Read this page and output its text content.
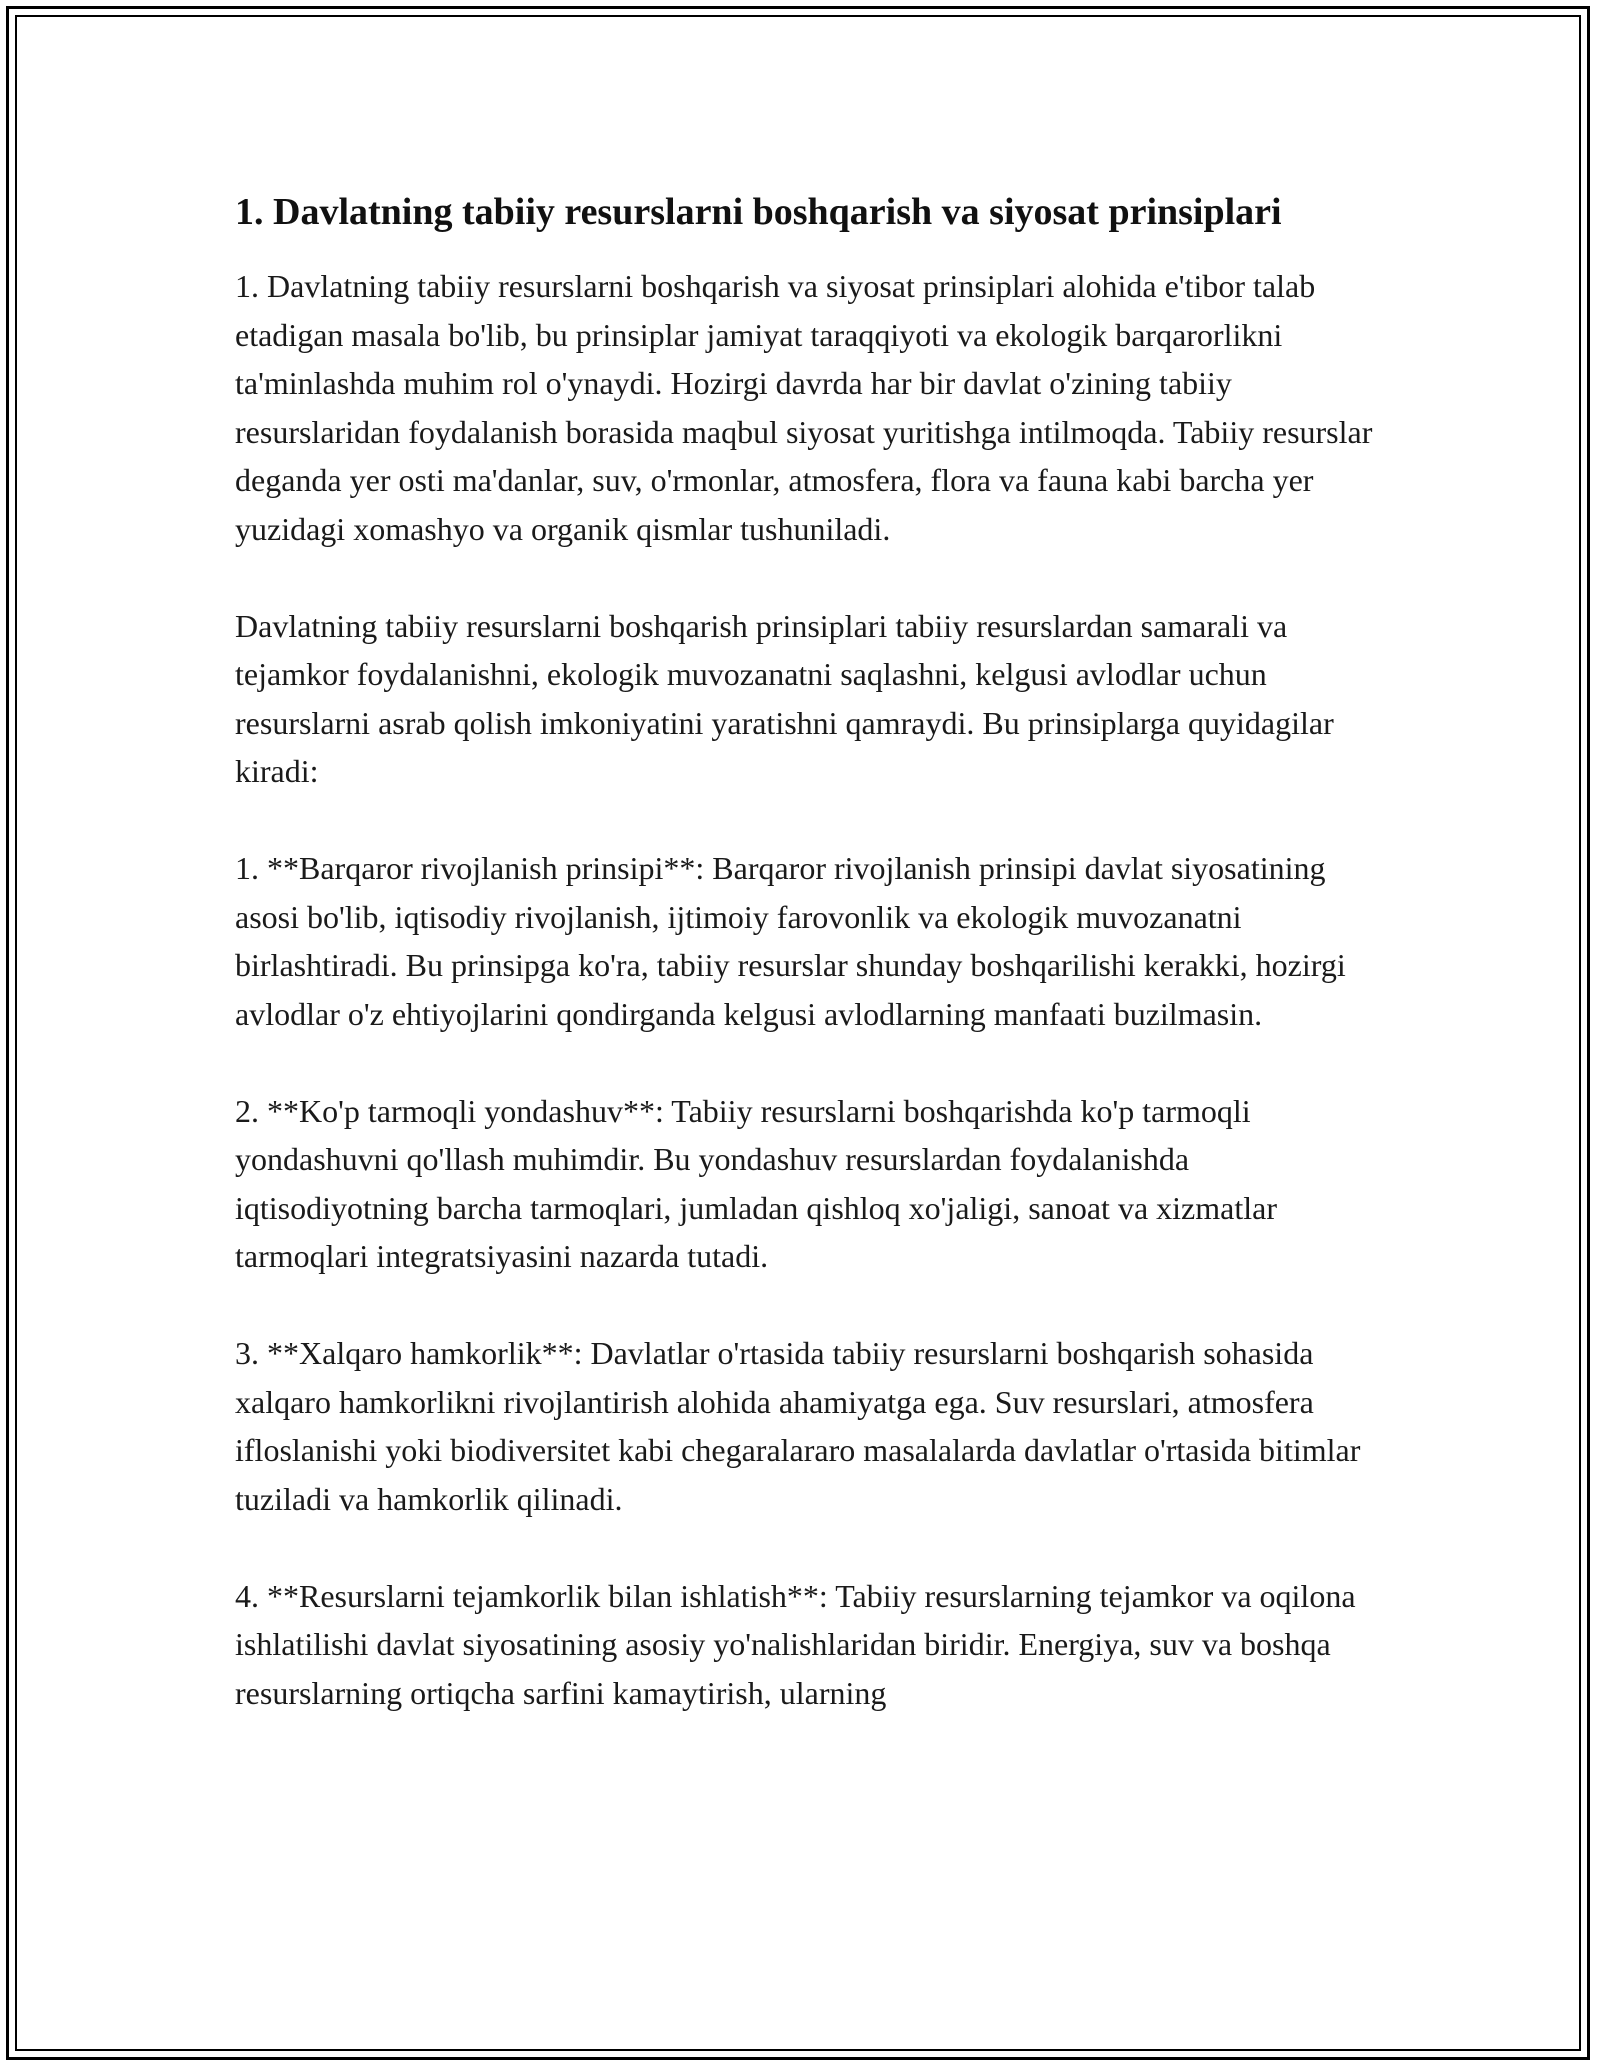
1. Davlatning tabiiy resurslarni boshqarish va siyosat prinsiplari

1. Davlatning tabiiy resurslarni boshqarish va siyosat prinsiplari alohida e'tibor talab etadigan masala bo'lib, bu prinsiplar jamiyat taraqqiyoti va ekologik barqarorlikni ta'minlashda muhim rol o'ynaydi. Hozirgi davrda har bir davlat o'zining tabiiy resurslaridan foydalanish borasida maqbul siyosat yuritishga intilmoqda. Tabiiy resurslar deganda yer osti ma'danlar, suv, o'rmonlar, atmosfera, flora va fauna kabi barcha yer yuzidagi xomashyo va organik qismlar tushuniladi.

Davlatning tabiiy resurslarni boshqarish prinsiplari tabiiy resurslardan samarali va tejamkor foydalanishni, ekologik muvozanatni saqlashni, kelgusi avlodlar uchun resurslarni asrab qolish imkoniyatini yaratishni qamraydi. Bu prinsiplarga quyidagilar kiradi:

1. **Barqaror rivojlanish prinsipi**: Barqaror rivojlanish prinsipi davlat siyosatining asosi bo'lib, iqtisodiy rivojlanish, ijtimoiy farovonlik va ekologik muvozanatni birlashtiradi. Bu prinsipga ko'ra, tabiiy resurslar shunday boshqarilishi kerakki, hozirgi avlodlar o'z ehtiyojlarini qondirganda kelgusi avlodlarning manfaati buzilmasin.

2. **Ko'p tarmoqli yondashuv**: Tabiiy resurslarni boshqarishda ko'p tarmoqli yondashuvni qo'llash muhimdir. Bu yondashuv resurslardan foydalanishda iqtisodiyotning barcha tarmoqlari, jumladan qishloq xo'jaligi, sanoat va xizmatlar tarmoqlari integratsiyasini nazarda tutadi.

3. **Xalqaro hamkorlik**: Davlatlar o'rtasida tabiiy resurslarni boshqarish sohasida xalqaro hamkorlikni rivojlantirish alohida ahamiyatga ega. Suv resurslari, atmosfera ifloslanishi yoki biodiversitet kabi chegaralararo masalalarda davlatlar o'rtasida bitimlar tuziladi va hamkorlik qilinadi.

4. **Resurslarni tejamkorlik bilan ishlatish**: Tabiiy resurslarning tejamkor va oqilona ishlatilishi davlat siyosatining asosiy yo'nalishlaridan biridir. Energiya, suv va boshqa resurslarning ortiqcha sarfini kamaytirish, ularning
